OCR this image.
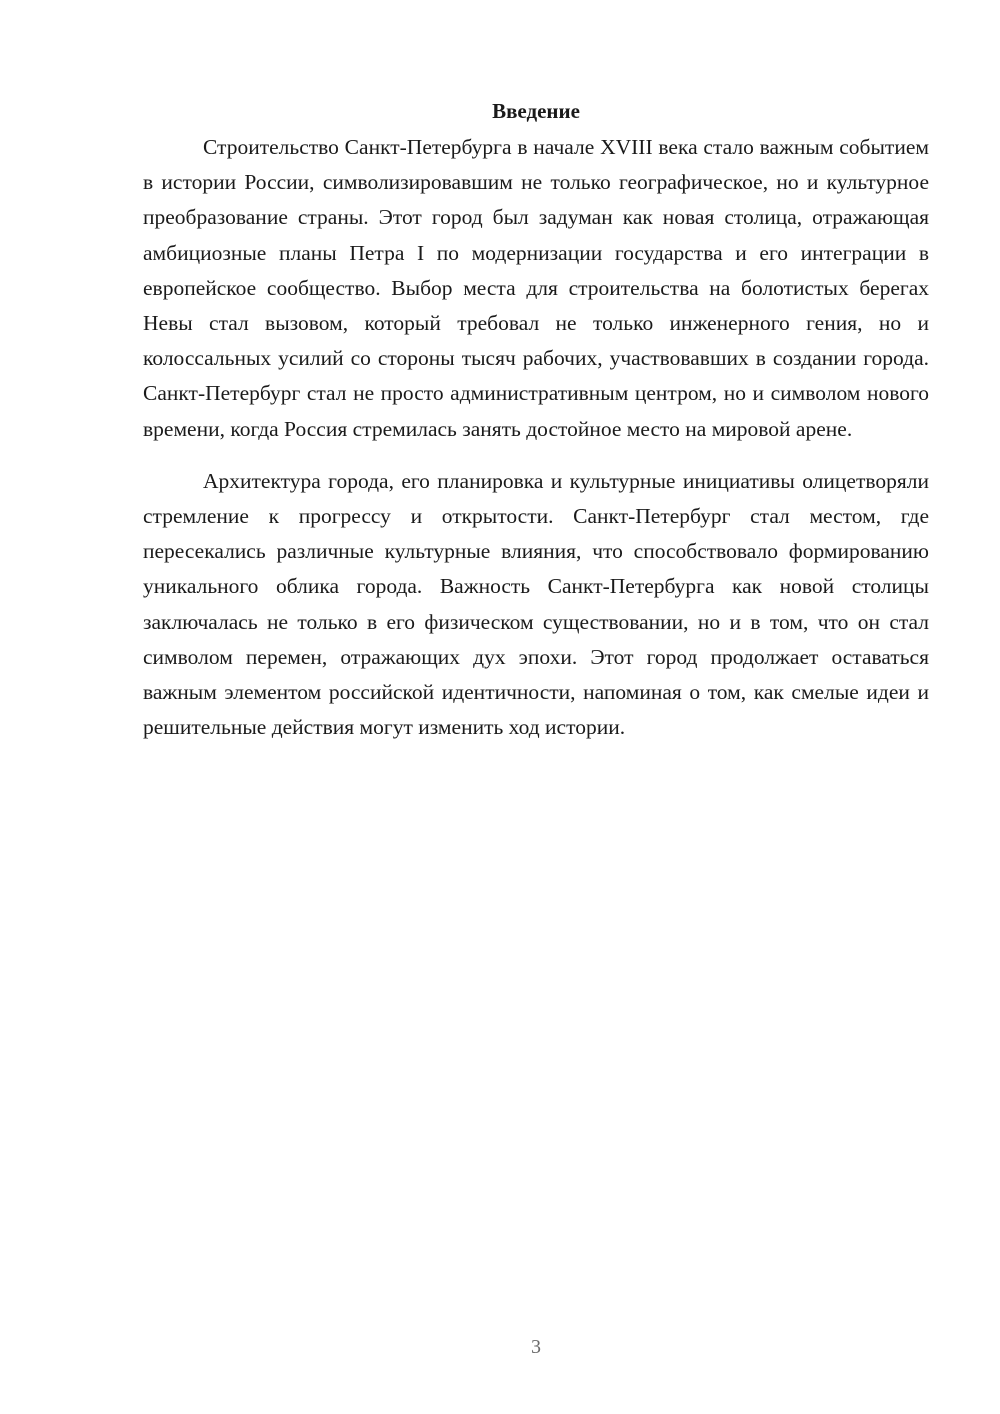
Введение

Строительство Санкт-Петербурга в начале XVIII века стало важным событием в истории России, символизировавшим не только географическое, но и культурное преобразование страны. Этот город был задуман как новая столица, отражающая амбициозные планы Петра I по модернизации государства и его интеграции в европейское сообщество. Выбор места для строительства на болотистых берегах Невы стал вызовом, который требовал не только инженерного гения, но и колоссальных усилий со стороны тысяч рабочих, участвовавших в создании города. Санкт-Петербург стал не просто административным центром, но и символом нового времени, когда Россия стремилась занять достойное место на мировой арене.

Архитектура города, его планировка и культурные инициативы олицетворяли стремление к прогрессу и открытости. Санкт-Петербург стал местом, где пересекались различные культурные влияния, что способствовало формированию уникального облика города. Важность Санкт-Петербурга как новой столицы заключалась не только в его физическом существовании, но и в том, что он стал символом перемен, отражающих дух эпохи. Этот город продолжает оставаться важным элементом российской идентичности, напоминая о том, как смелые идеи и решительные действия могут изменить ход истории.

3
